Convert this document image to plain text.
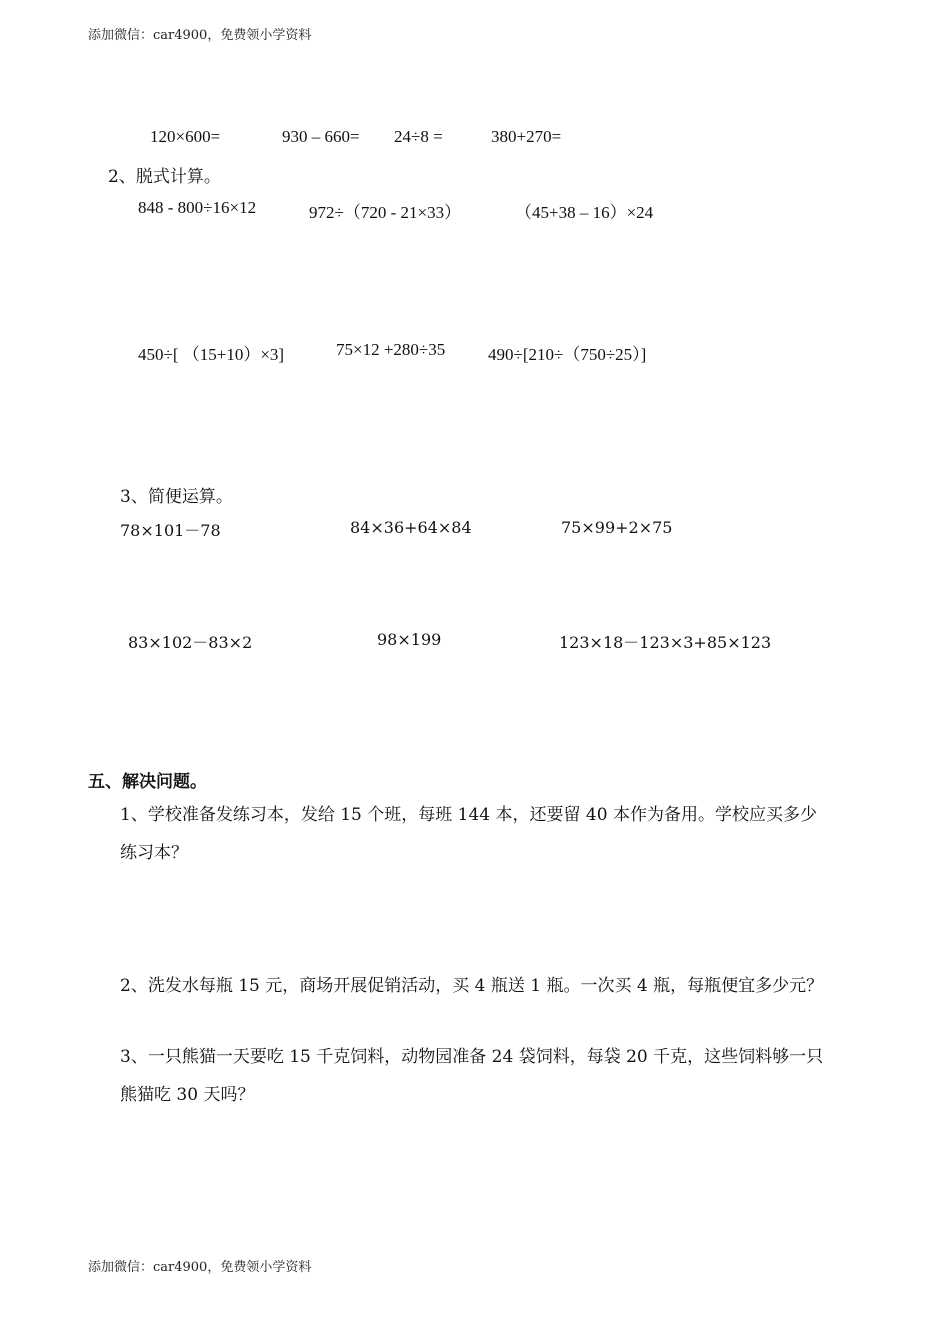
添加微信：car4900，免费领小学资料
120×600=	930 – 660= 24÷8 =	380+270=
2、脱式计算。
848 - 800÷16×12	972÷（720 - 21×33）	（45+38 – 16）×24
450÷[ （15+10）×3]	75×12 +280÷35	490÷[210÷（750÷25）]
3、简便运算。
78×101－78	84×36+64×84	75×99+2×75
83×102－83×2	98×199	123×18－123×3+85×123
五、解决问题。
1、学校准备发练习本，发给 15 个班，每班 144 本，还要留 40 本作为备用。学校应买多少
练习本？
2、洗发水每瓶 15 元，商场开展促销活动，买 4 瓶送 1 瓶。一次买 4 瓶，每瓶便宜多少元？
3、一只熊猫一天要吃 15 千克饲料，动物园准备 24 袋饲料，每袋 20 千克，这些饲料够一只
熊猫吃 30 天吗？
添加微信：car4900，免费领小学资料
